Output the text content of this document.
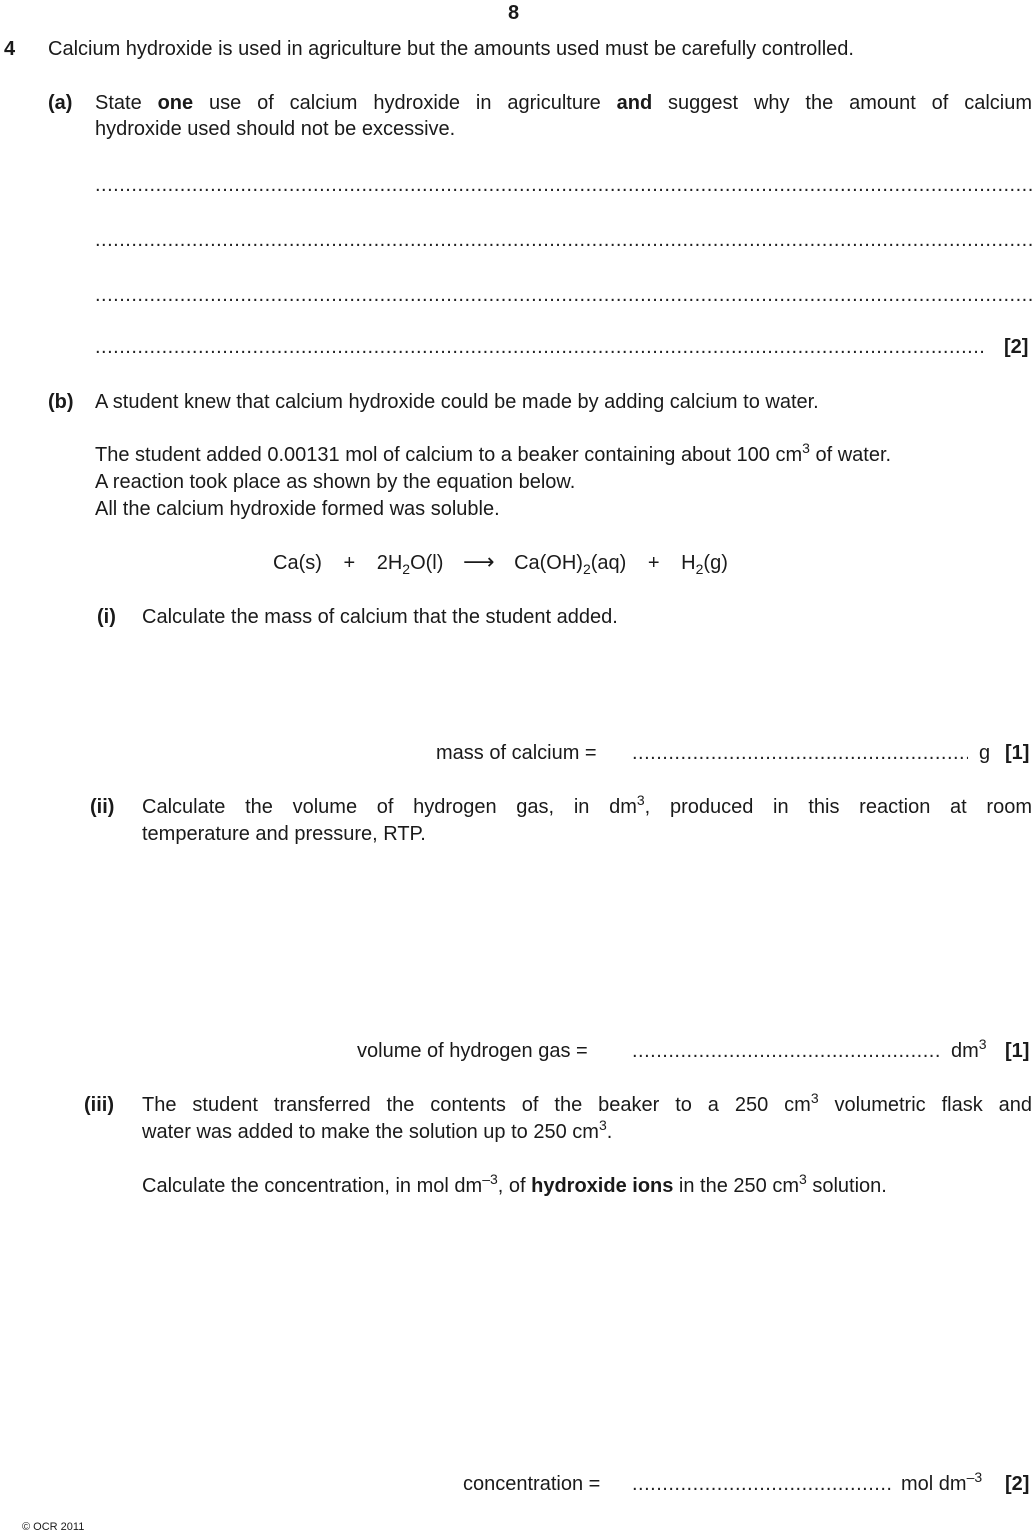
8
4 Calcium hydroxide is used in agriculture but the amounts used must be carefully controlled.
(a) State one use of calcium hydroxide in agriculture and suggest why the amount of calcium
hydroxide used should not be excessive.
.....
.....
.....
.....
[2]
(b) A student knew that calcium hydroxide could be made by adding calcium to water.
The student added 0.00131 mol of calcium to a beaker containing about 100 $cm^3$ of water.
A reaction took place as shown by the equation below.
All the calcium hydroxide formed was soluble.
$Ca(s) + 2H_2O(l)$ ⟶ $Ca(OH)_2(aq) + H_2(g)$
(i) Calculate the mass of calcium that the student added.
mass of calcium = .....	g [1]
(ii) Calculate the volume of hydrogen gas, in $dm^3$, produced in this reaction at room
temperature and pressure, RTP.
volume of hydrogen gas = .....	$dm^3$ [1]
(iii) The student transferred the contents of the beaker to a 250 $cm^3$ volumetric flask and
water was added to make the solution up to 250 $cm^3$.
Calculate the concentration, in mol $dm^{-3}$, of hydroxide ions in the 250 $cm^3$ solution.
concentration = .....	mol $dm^{-3}$ [2]
© OCR 2011
